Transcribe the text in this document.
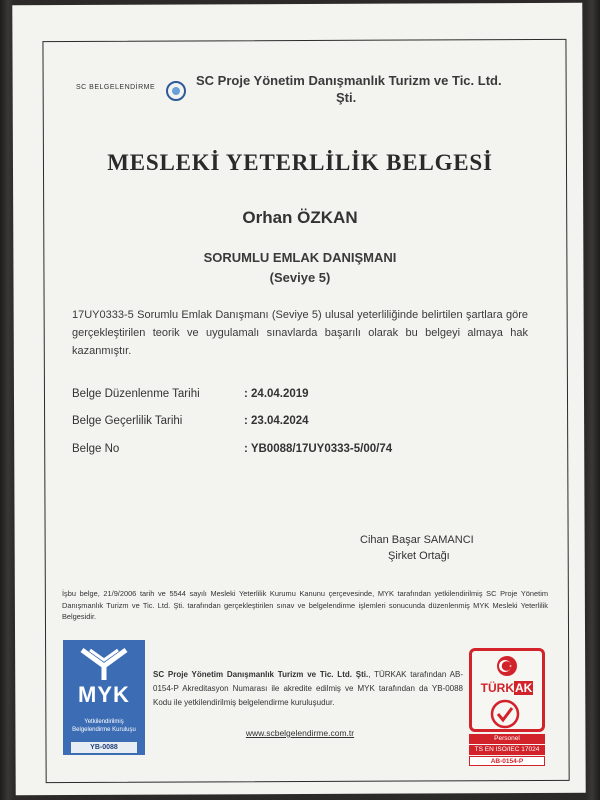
SC BELGELENDİRME	SC Proje Yönetim Danışmanlık Turizm ve Tic. Ltd.
Şti.
MESLEKİ YETERLİLİK BELGESİ
Orhan ÖZKAN
SORUMLU EMLAK DANIŞMANI
(Seviye 5)
17UY0333-5 Sorumlu Emlak Danışmanı (Seviye 5) ulusal yeterliliğinde belirtilen şartlara göre gerçekleştirilen teorik ve uygulamalı sınavlarda başarılı olarak bu belgeyi almaya hak kazanmıştır.
Belge Düzenlenme Tarihi	: 24.04.2019
Belge Geçerlilik Tarihi	: 23.04.2024
Belge No	: YB0088/17UY0333-5/00/74
Cihan Başar SAMANCI
Şirket Ortağı
İşbu belge, 21/9/2006 tarih ve 5544 sayılı Mesleki Yeterlilik Kurumu Kanunu çerçevesinde, MYK tarafından yetkilendirilmiş SC Proje Yönetim Danışmanlık Turizm ve Tic. Ltd. Şti. tarafından gerçekleştirilen sınav ve belgelendirme işlemleri sonucunda düzenlenmiş MYK Mesleki Yeterlilik Belgesidir.
MYK
Yetkilendirilmiş
Belgelendirme Kuruluşu
YB-0088
SC Proje Yönetim Danışmanlık Turizm ve Tic. Ltd. Şti., TÜRKAK tarafından AB-0154-P Akreditasyon Numarası ile akredite edilmiş ve MYK tarafından da YB-0088 Kodu ile yetkilendirilmiş belgelendirme kuruluşudur.
www.scbelgelendirme.com.tr
TÜRKAK
Personel
TS EN ISO/IEC 17024
AB-0154-P
